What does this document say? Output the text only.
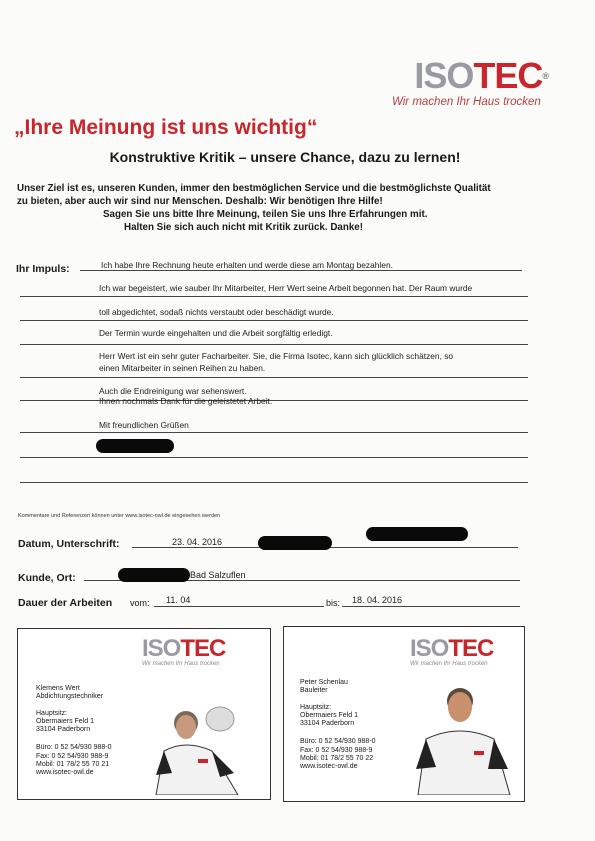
ISOTEC®
Wir machen Ihr Haus trocken
„Ihre Meinung ist uns wichtig“
Konstruktive Kritik – unsere Chance, dazu zu lernen!
Unser Ziel ist es, unseren Kunden, immer den bestmöglichen Service und die bestmöglichste Qualität
zu bieten, aber auch wir sind nur Menschen. Deshalb: Wir benötigen Ihre Hilfe!
Sagen Sie uns bitte Ihre Meinung, teilen Sie uns Ihre Erfahrungen mit.
Halten Sie sich auch nicht mit Kritik zurück. Danke!
Ihr Impuls:	Ich habe Ihre Rechnung heute erhalten und werde diese am Montag bezahlen.
Ich war begeistert, wie sauber Ihr Mitarbeiter, Herr Wert seine Arbeit begonnen hat. Der Raum wurde
toll abgedichtet, sodaß nichts verstaubt oder beschädigt wurde.
Der Termin wurde eingehalten und die Arbeit sorgfältig erledigt.
Herr Wert ist ein sehr guter Facharbeiter. Sie, die Firma Isotec, kann sich glücklich schätzen, so
einen Mitarbeiter in seinen Reihen zu haben.
Auch die Endreinigung war sehenswert.
Ihnen nochmals Dank für die geleistetet Arbeit.
Mit freundlichen Grüßen
Kommentare und Referenzen können unter www.isotec-owl.de eingesehen werden
Datum, Unterschrift:	23. 04. 2016
Kunde, Ort:	Bad Salzuflen
Dauer der Arbeiten vom: 11. 04	bis: 18. 04. 2016
ISOTEC
Wir machen Ihr Haus trocken
Klemens Wert
Abdichtungstechniker
Hauptsitz:
Obermaiers Feld 1
33104 Paderborn
Büro: 0 52 54/930 988-0
Fax: 0 52 54/930 988-9
Mobil: 01 78/2 55 70 21
www.isotec-owl.de
ISOTEC
Wir machen Ihr Haus trocken
Peter Schenlau
Bauleiter
Hauptsitz:
Obermaiers Feld 1
33104 Paderborn
Büro: 0 52 54/930 988-0
Fax: 0 52 54/930 988-9
Mobil: 01 78/2 55 70 22
www.isotec-owl.de
